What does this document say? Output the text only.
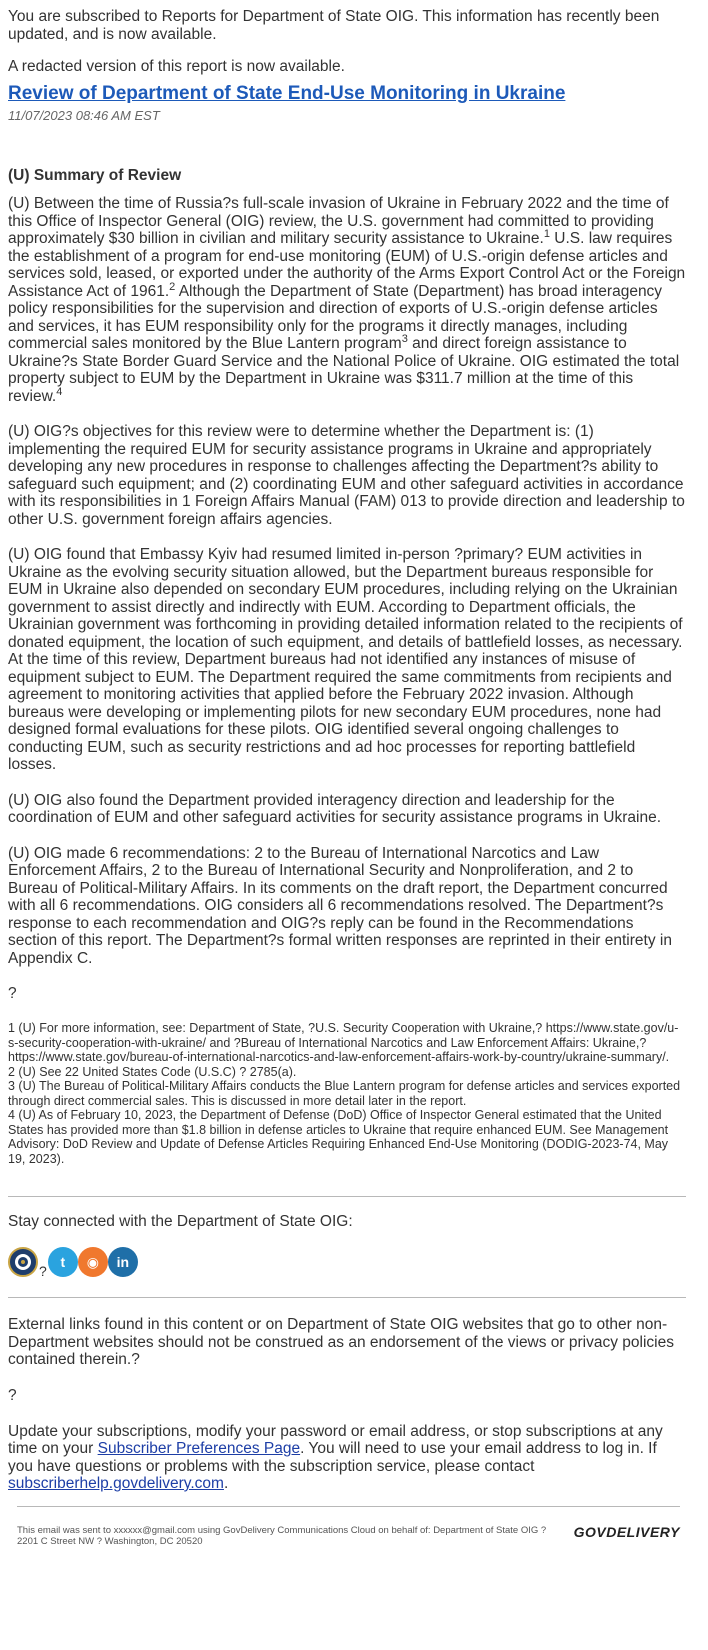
You are subscribed to Reports for Department of State OIG. This information has recently been updated, and is now available.

A redacted version of this report is now available.

Review of Department of State End-Use Monitoring in Ukraine
11/07/2023 08:46 AM EST
(U) Summary of Review

(U) Between the time of Russia?s full-scale invasion of Ukraine in February 2022 and the time of this Office of Inspector General (OIG) review, the U.S. government had committed to providing approximately $30 billion in civilian and military security assistance to Ukraine.$^1$ U.S. law requires the establishment of a program for end-use monitoring (EUM) of U.S.-origin defense articles and services sold, leased, or exported under the authority of the Arms Export Control Act or the Foreign Assistance Act of 1961.$^2$ Although the Department of State (Department) has broad interagency policy responsibilities for the supervision and direction of exports of U.S.-origin defense articles and services, it has EUM responsibility only for the programs it directly manages, including commercial sales monitored by the Blue Lantern program$^3$ and direct foreign assistance to Ukraine?s State Border Guard Service and the National Police of Ukraine. OIG estimated the total property subject to EUM by the Department in Ukraine was $311.7 million at the time of this review.$^4$

(U) OIG?s objectives for this review were to determine whether the Department is: (1) implementing the required EUM for security assistance programs in Ukraine and appropriately developing any new procedures in response to challenges affecting the Department?s ability to safeguard such equipment; and (2) coordinating EUM and other safeguard activities in accordance with its responsibilities in 1 Foreign Affairs Manual (FAM) 013 to provide direction and leadership to other U.S. government foreign affairs agencies.

(U) OIG found that Embassy Kyiv had resumed limited in-person ?primary? EUM activities in Ukraine as the evolving security situation allowed, but the Department bureaus responsible for EUM in Ukraine also depended on secondary EUM procedures, including relying on the Ukrainian government to assist directly and indirectly with EUM. According to Department officials, the Ukrainian government was forthcoming in providing detailed information related to the recipients of donated equipment, the location of such equipment, and details of battlefield losses, as necessary. At the time of this review, Department bureaus had not identified any instances of misuse of equipment subject to EUM. The Department required the same commitments from recipients and agreement to monitoring activities that applied before the February 2022 invasion. Although bureaus were developing or implementing pilots for new secondary EUM procedures, none had designed formal evaluations for these pilots. OIG identified several ongoing challenges to conducting EUM, such as security restrictions and ad hoc processes for reporting battlefield losses.

(U) OIG also found the Department provided interagency direction and leadership for the coordination of EUM and other safeguard activities for security assistance programs in Ukraine.

(U) OIG made 6 recommendations: 2 to the Bureau of International Narcotics and Law Enforcement Affairs, 2 to the Bureau of International Security and Nonproliferation, and 2 to Bureau of Political-Military Affairs. In its comments on the draft report, the Department concurred with all 6 recommendations. OIG considers all 6 recommendations resolved. The Department?s response to each recommendation and OIG?s reply can be found in the Recommendations section of this report. The Department?s formal written responses are reprinted in their entirety in Appendix C.

?

1 (U) For more information, see: Department of State, ?U.S. Security Cooperation with Ukraine,? https://www.state.gov/u-s-security-cooperation-with-ukraine/ and ?Bureau of International Narcotics and Law Enforcement Affairs: Ukraine,? https://www.state.gov/bureau-of-international-narcotics-and-law-enforcement-affairs-work-by-country/ukraine-summary/.
2 (U) See 22 United States Code (U.S.C) ? 2785(a).
3 (U) The Bureau of Political-Military Affairs conducts the Blue Lantern program for defense articles and services exported through direct commercial sales. This is discussed in more detail later in the report.
4 (U) As of February 10, 2023, the Department of Defense (DoD) Office of Inspector General estimated that the United States has provided more than $1.8 billion in defense articles to Ukraine that require enhanced EUM. See Management Advisory: DoD Review and Update of Defense Articles Requiring Enhanced End-Use Monitoring (DODIG-2023-74, May 19, 2023).
Stay connected with the Department of State OIG:
?
t	◉	in

External links found in this content or on Department of State OIG websites that go to other non-Department websites should not be construed as an endorsement of the views or privacy policies contained therein.?

?

Update your subscriptions, modify your password or email address, or stop subscriptions at any time on your Subscriber Preferences Page. You will need to use your email address to log in. If you have questions or problems with the subscription service, please contact subscriberhelp.govdelivery.com.

This email was sent to xxxxxx@gmail.com using GovDelivery Communications Cloud on behalf of: Department of State OIG ?
2201 C Street NW ? Washington, DC 20520
GOVDELIVERY
